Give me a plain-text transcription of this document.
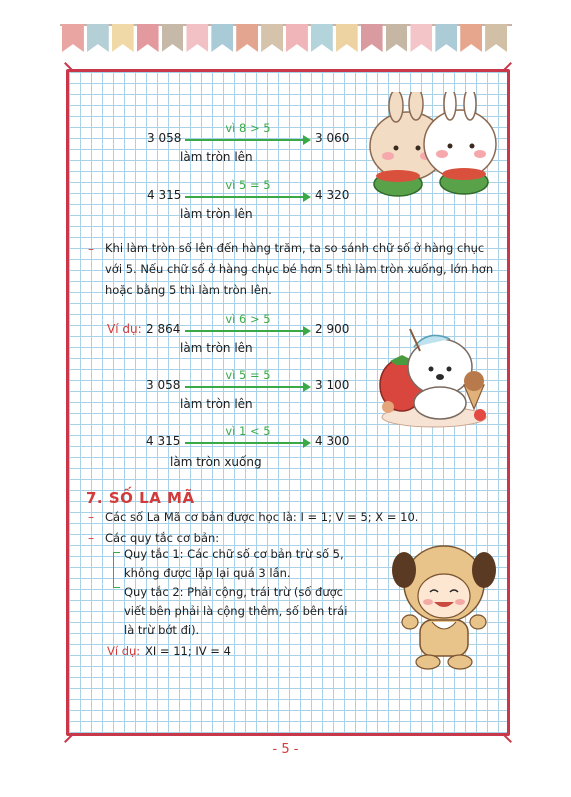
3 058
vì 8 > 5
3 060
làm tròn lên
4 315
vì 5 = 5
4 320
làm tròn lên
– Khi làm tròn số lên đến hàng trăm, ta so sánh chữ số ở hàng chục
với 5. Nếu chữ số ở hàng chục bé hơn 5 thì làm tròn xuống, lớn hơn
hoặc bằng 5 thì làm tròn lên.
Ví dụ: 2 864
vì 6 > 5
2 900
làm tròn lên
3 058
vì 5 = 5
3 100
làm tròn lên
4 315
vì 1 < 5
4 300
làm tròn xuống
7. SỐ LA MÃ
– Các số La Mã cơ bản được học là: I = 1; V = 5; X = 10.
– Các quy tắc cơ bản:
Quy tắc 1: Các chữ số cơ bản trừ số 5,
không được lặp lại quá 3 lần.
Quy tắc 2: Phải cộng, trái trừ (số được
viết bên phải là cộng thêm, số bên trái
là trừ bớt đi).
Ví dụ: XI = 11; IV = 4
- 5 -
